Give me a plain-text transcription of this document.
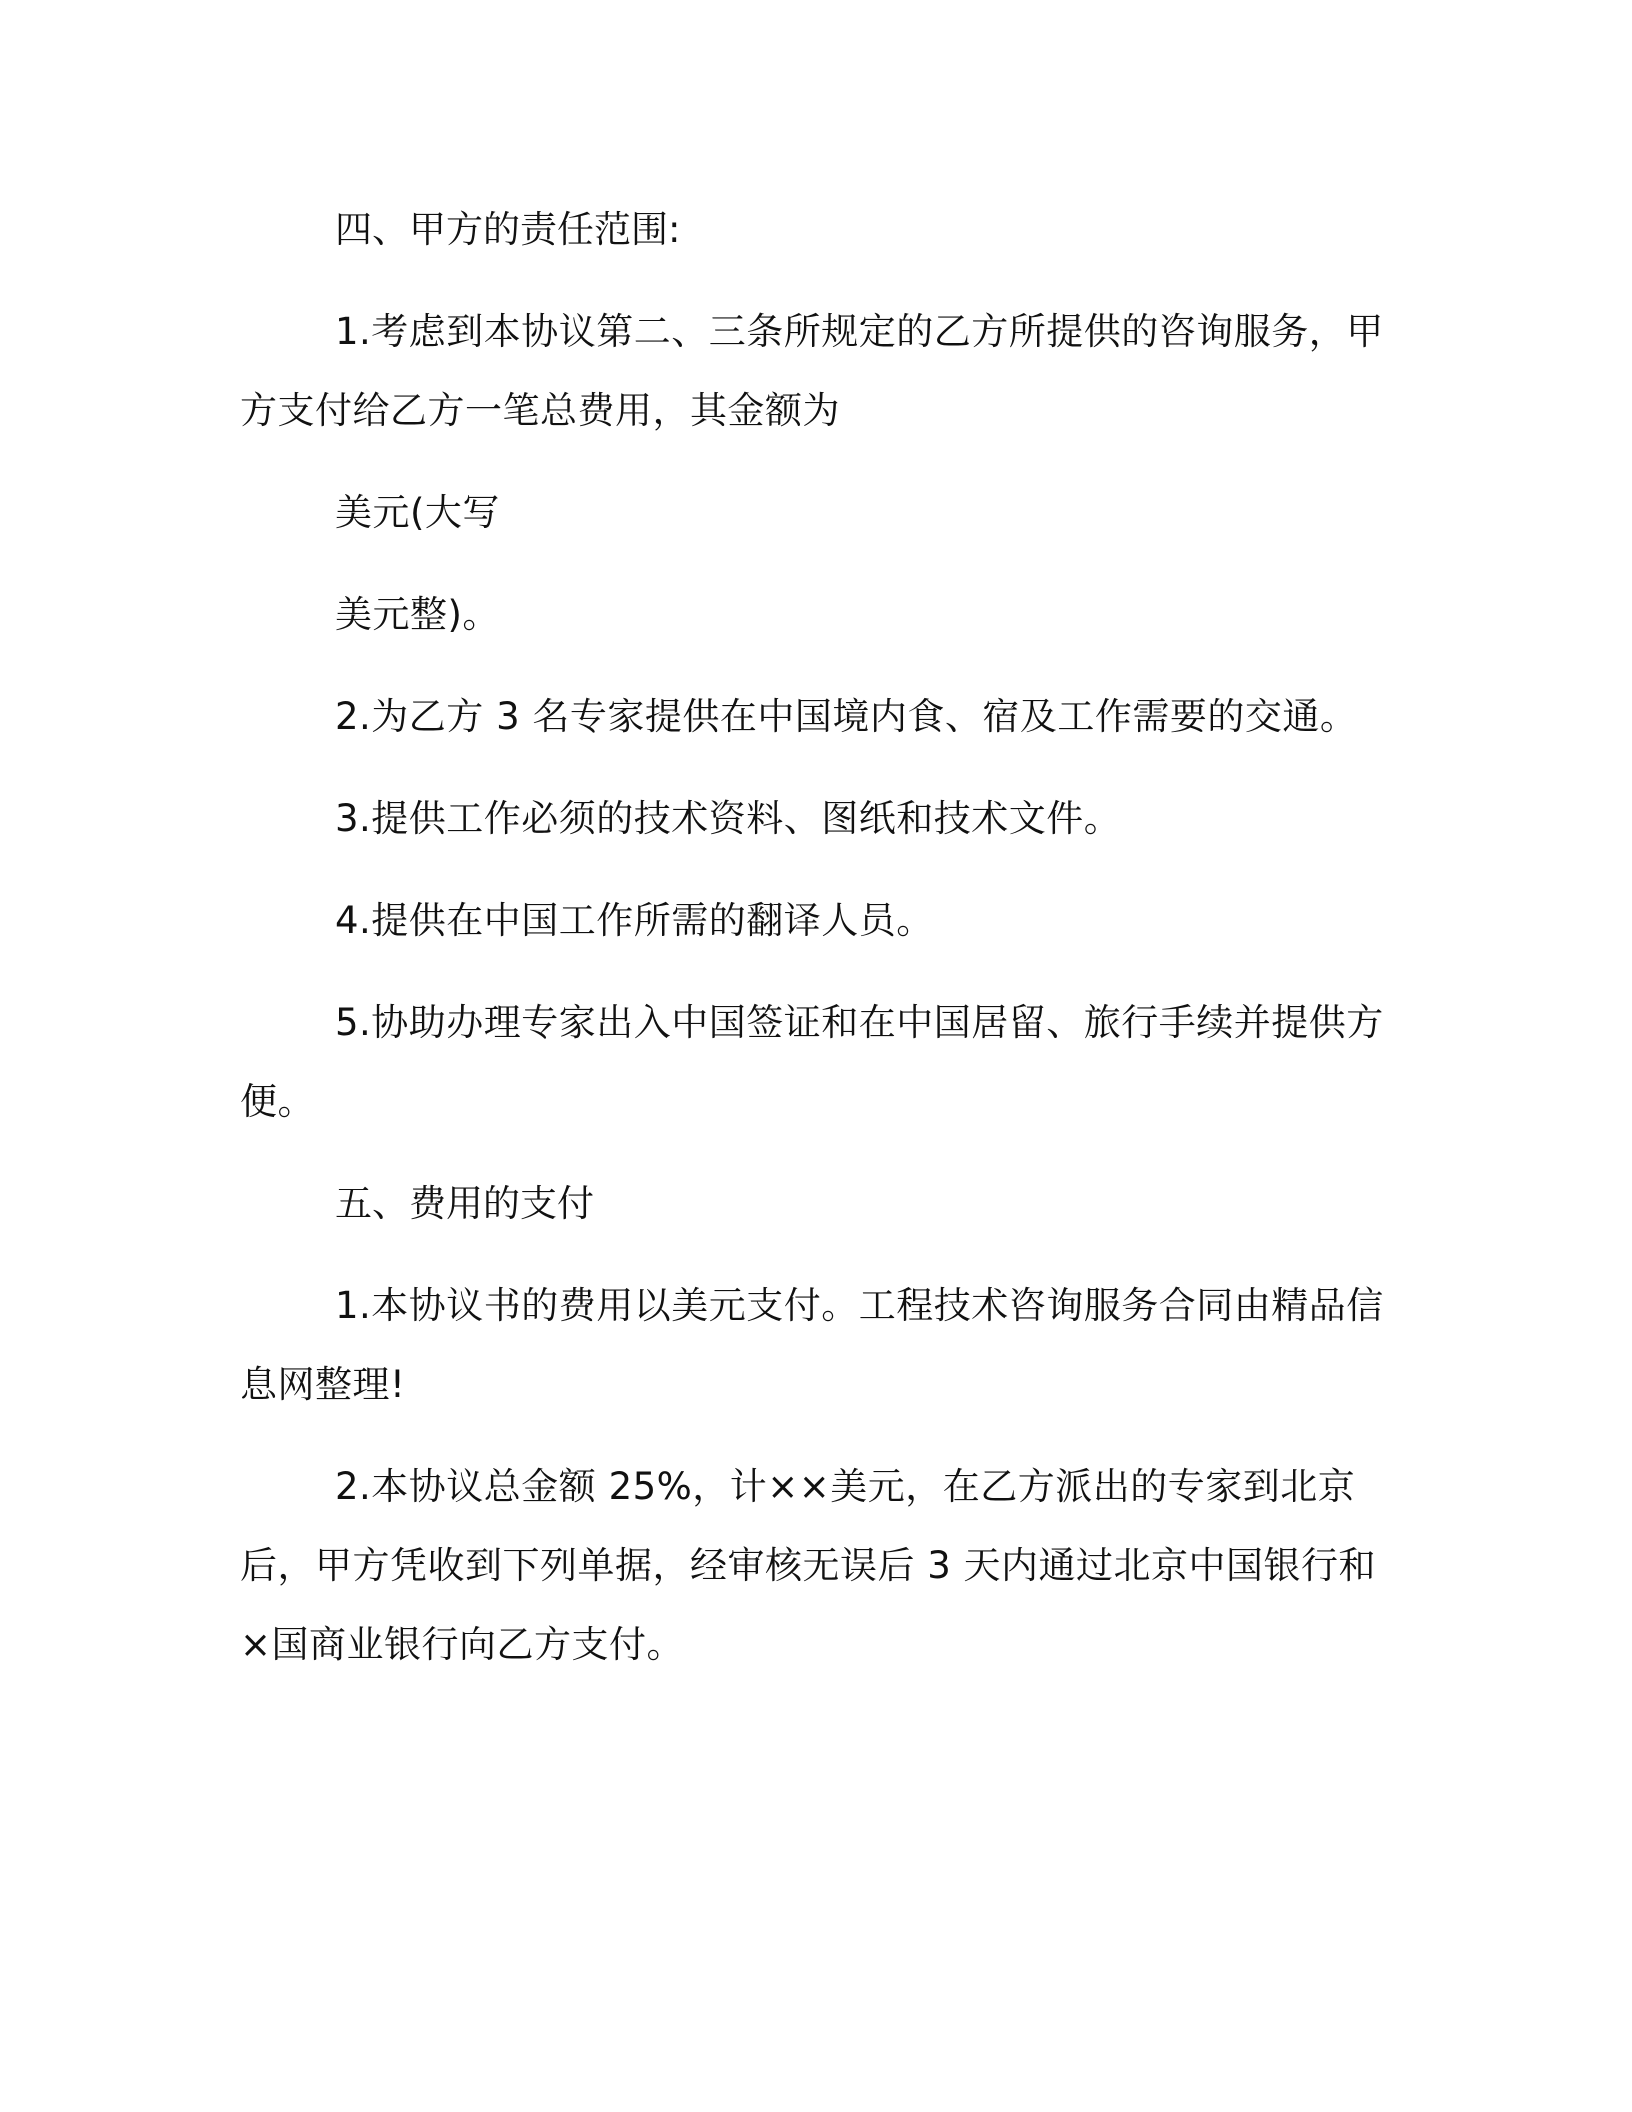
四、甲方的责任范围:

1.考虑到本协议第二、三条所规定的乙方所提供的咨询服务，甲方支付给乙方一笔总费用，其金额为

美元(大写

美元整)。

2.为乙方 3 名专家提供在中国境内食、宿及工作需要的交通。

3.提供工作必须的技术资料、图纸和技术文件。

4.提供在中国工作所需的翻译人员。

5.协助办理专家出入中国签证和在中国居留、旅行手续并提供方便。

五、费用的支付

1.本协议书的费用以美元支付。工程技术咨询服务合同由精品信息网整理!

2.本协议总金额 25%，计××美元，在乙方派出的专家到北京后，甲方凭收到下列单据，经审核无误后 3 天内通过北京中国银行和×国商业银行向乙方支付。
